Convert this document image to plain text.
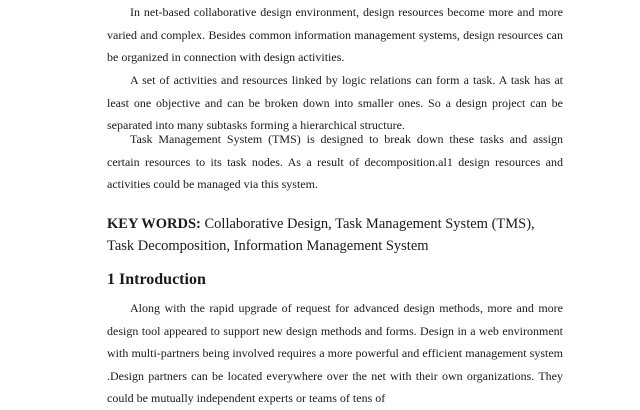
In net-based collaborative design environment, design resources become more and more varied and complex. Besides common information management systems, design resources can be organized in connection with design activities.

A set of activities and resources linked by logic relations can form a task. A task has at least one objective and can be broken down into smaller ones. So a design project can be separated into many subtasks forming a hierarchical structure.

Task Management System (TMS) is designed to break down these tasks and assign certain resources to its task nodes. As a result of decomposition.al1 design resources and activities could be managed via this system.

KEY WORDS: Collaborative Design, Task Management System (TMS), Task Decomposition, Information Management System

1 Introduction

Along with the rapid upgrade of request for advanced design methods, more and more design tool appeared to support new design methods and forms. Design in a web environment with multi-partners being involved requires a more powerful and efficient management system .Design partners can be located everywhere over the net with their own organizations. They could be mutually independent experts or teams of tens of
